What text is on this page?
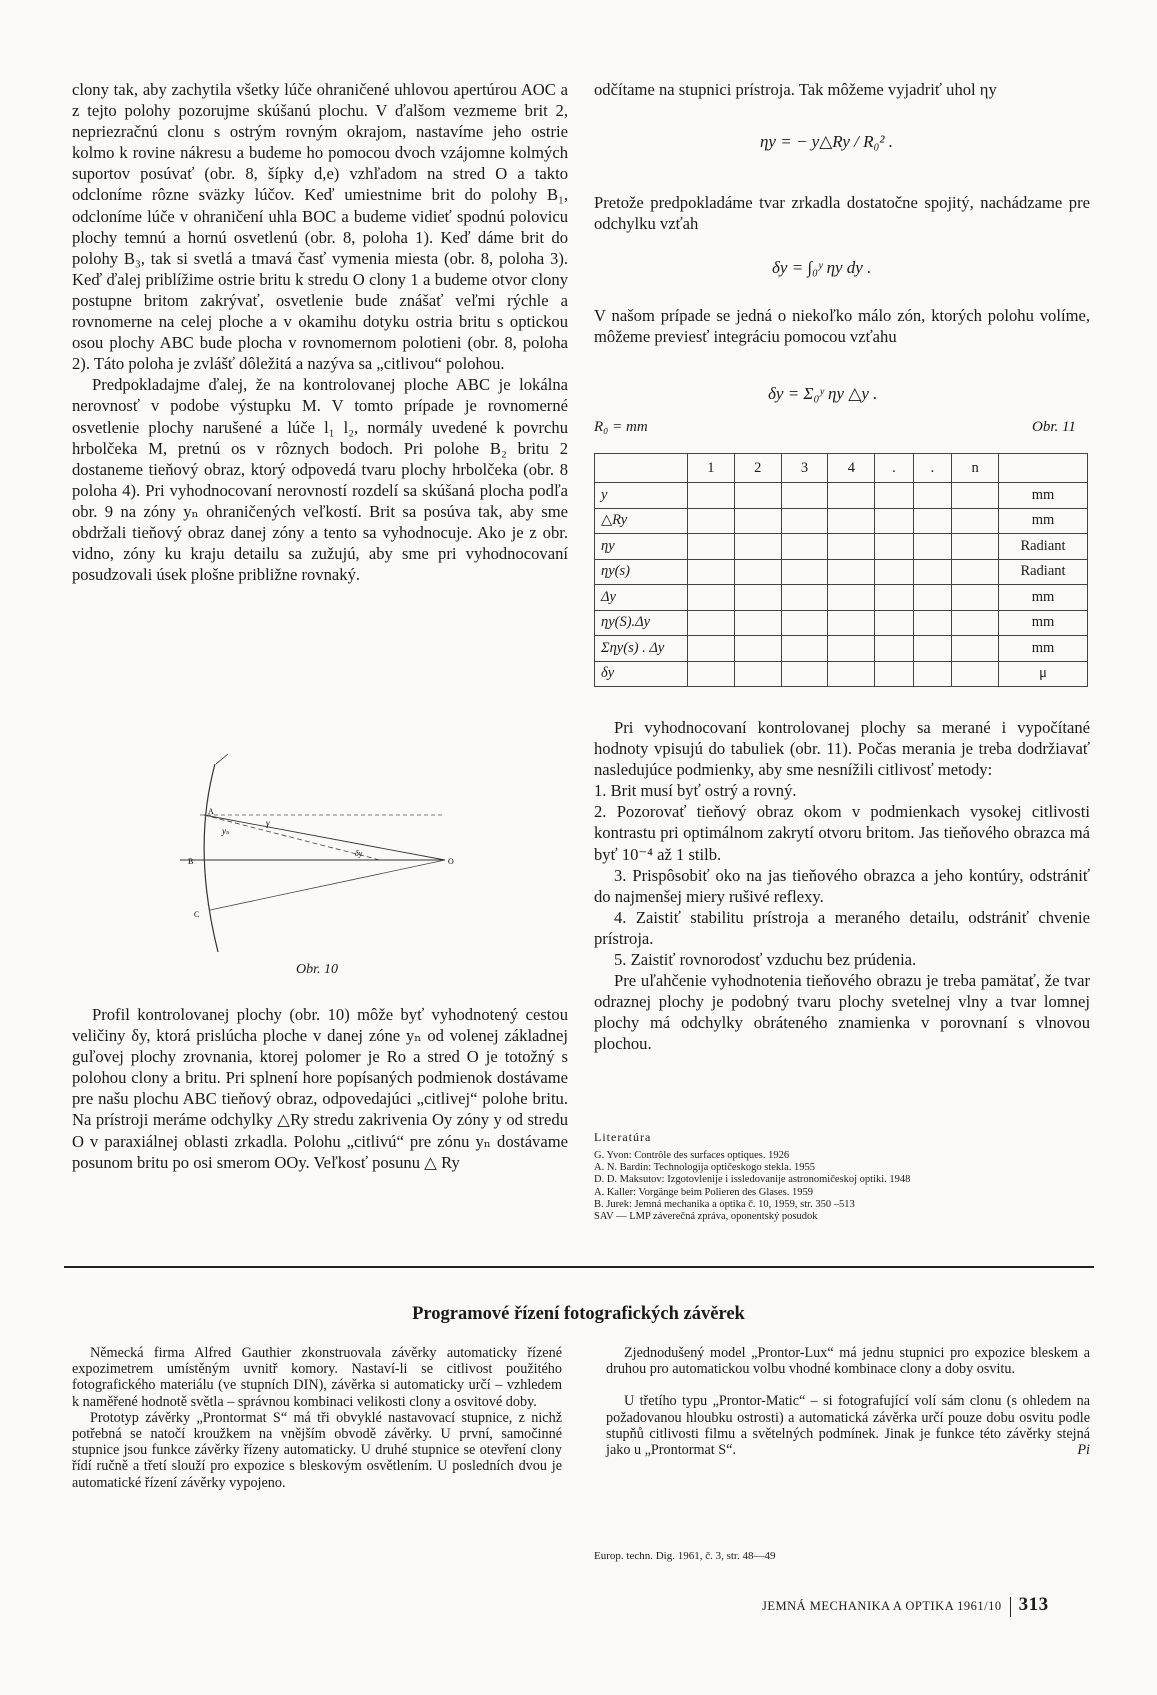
clony tak, aby zachytila všetky lúče ohraničené uhlovou apertúrou AOC a z tejto polohy pozorujme skúšanú plochu. V ďalšom vezmeme brit 2, nepriezračnú clonu s ostrým rovným okrajom, nastavíme jeho ostrie kolmo k rovine nákresu a budeme ho pomocou dvoch vzájomne kolmých suportov posúvať (obr. 8, šípky d,e) vzhľadom na stred O a takto odcloníme rôzne sväzky lúčov. Keď umiestnime brit do polohy B₁, odcloníme lúče v ohraničení uhla BOC a budeme vidieť spodnú polovicu plochy temnú a hornú osvetlenú (obr. 8, poloha 1). Keď dáme brit do polohy B₃, tak si svetlá a tmavá časť vymenia miesta (obr. 8, poloha 3). Keď ďalej priblížime ostrie britu k stredu O clony 1 a budeme otvor clony postupne britom zakrývať, osvetlenie bude znášať veľmi rýchle a rovnomerne na celej ploche a v okamihu dotyku ostria britu s optickou osou plochy ABC bude plocha v rovnomernom polotieni (obr. 8, poloha 2). Táto poloha je zvlášť dôležitá a nazýva sa „citlivou“ polohou.

Predpokladajme ďalej, že na kontrolovanej ploche ABC je lokálna nerovnosť v podobe výstupku M. V tomto prípade je rovnomerné osvetlenie plochy narušené a lúče l₁ l₂, normály uvedené k povrchu hrbolčeka M, pretnú os v rôznych bodoch. Pri polohe B₂ britu 2 dostaneme tieňový obraz, ktorý odpovedá tvaru plochy hrbolčeka (obr. 8 poloha 4). Pri vyhodnocovaní nerovností rozdelí sa skúšaná plocha podľa obr. 9 na zóny yₙ ohraničených veľkostí. Brit sa posúva tak, aby sme obdržali tieňový obraz danej zóny a tento sa vyhodnocuje. Ako je z obr. vidno, zóny ku kraju detailu sa zužujú, aby sme pri vyhodnocovaní posudzovali úsek plošne približne rovnaký.

A
B
C
O
yₙ
γ
δy
Obr. 10

Profil kontrolovanej plochy (obr. 10) môže byť vyhodnotený cestou veličiny δy, ktorá prislúcha ploche v danej zóne yₙ od volenej základnej guľovej plochy zrovnania, ktorej polomer je Ro a stred O je totožný s polohou clony a britu. Pri splnení hore popísaných podmienok dostávame pre našu plochu ABC tieňový obraz, odpovedajúci „citlivej“ polohe britu. Na prístroji meráme odchylky △Ry stredu zakrivenia Oy zóny y od stredu O v paraxiálnej oblasti zrkadla. Polohu „citlivú“ pre zónu yₙ dostávame posunom britu po osi smerom OOy. Veľkosť posunu △ Ry

odčítame na stupnici prístroja. Tak môžeme vyjadriť uhol ηy

ηy = − y△Ry / R₀² .

Pretože predpokladáme tvar zrkadla dostatočne spojitý, nachádzame pre odchylku vzťah

δy = ∫₀ʸ ηy dy .

V našom prípade se jedná o niekoľko málo zón, ktorých polohu volíme, môžeme previesť integráciu pomocou vzťahu

δy = Σ₀ʸ ηy △y .
R₀ = mm	Obr. 11
	1	2	3	4	.	.	n	
y								mm
△Ry								mm
ηy								Radiant
ηy(s)								Radiant
Δy								mm
ηy(S).Δy								mm
Σηy(s) . Δy								mm
δy								μ

Pri vyhodnocovaní kontrolovanej plochy sa merané i vypočítané hodnoty vpisujú do tabuliek (obr. 11). Počas merania je treba dodržiavať nasledujúce podmienky, aby sme nesnížili citlivosť metody:

1. Brit musí byť ostrý a rovný.

2. Pozorovať tieňový obraz okom v podmienkach vysokej citlivosti kontrastu pri optimálnom zakrytí otvoru britom. Jas tieňového obrazca má byť 10⁻⁴ až 1 stilb.

3. Prispôsobiť oko na jas tieňového obrazca a jeho kontúry, odstrániť do najmenšej miery rušivé reflexy.

4. Zaistiť stabilitu prístroja a meraného detailu, odstrániť chvenie prístroja.

5. Zaistiť rovnorodosť vzduchu bez prúdenia.

Pre uľahčenie vyhodnotenia tieňového obrazu je treba pamätať, že tvar odraznej plochy je podobný tvaru plochy svetelnej vlny a tvar lomnej plochy má odchylky obráteného znamienka v porovnaní s vlnovou plochou.

Literatúra
G. Yvon: Contrôle des surfaces optiques. 1926
A. N. Bardin: Technologija optičeskogo stekla. 1955
D. D. Maksutov: Izgotovlenije i issledovanije astronomičeskoj optiki. 1948
A. Kaller: Vorgänge beim Polieren des Glases. 1959
B. Jurek: Jemná mechanika a optika č. 10, 1959, str. 350 –513
SAV — LMP záverečná zpráva, oponentský posudok
Programové řízení fotografických závěrek

Německá firma Alfred Gauthier zkonstruovala závěrky automaticky řízené expozimetrem umístěným uvnitř komory. Nastaví-li se citlivost použitého fotografického materiálu (ve stupních DIN), závěrka si automaticky určí – vzhledem k naměřené hodnotě světla – správnou kombinaci velikosti clony a osvitové doby.

Prototyp závěrky „Prontormat S“ má tři obvyklé nastavovací stupnice, z nichž potřebná se natočí kroužkem na vnějším obvodě závěrky. U první, samočinné stupnice jsou funkce závěrky řízeny automaticky. U druhé stupnice se otevření clony řídí ručně a třetí slouží pro expozice s bleskovým osvětlením. U posledních dvou je automatické řízení závěrky vypojeno.

Zjednodušený model „Prontor-Lux“ má jednu stupnici pro expozice bleskem a druhou pro automatickou volbu vhodné kombinace clony a doby osvitu.

U třetího typu „Prontor-Matic“ – si fotografující volí sám clonu (s ohledem na požadovanou hloubku ostrosti) a automatická závěrka určí pouze dobu osvitu podle stupňů citlivosti filmu a světelných podmínek. Jinak je funkce této závěrky stejná jako u „Prontormat S“.	Pi

Europ. techn. Dig. 1961, č. 3, str. 48—49
JEMNÁ MECHANIKA A OPTIKA 1961/10 313
